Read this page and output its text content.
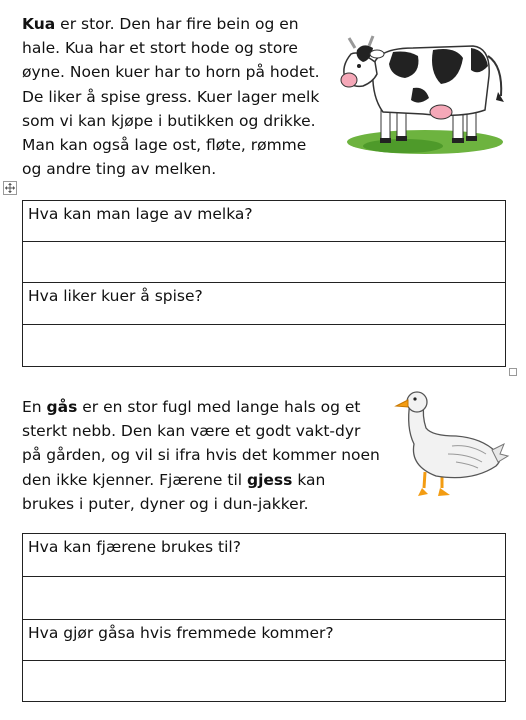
Kua er stor. Den har fire bein og en
hale. Kua har et stort hode og store
øyne. Noen kuer har to horn på hodet.
De liker å spise gress. Kuer lager melk
som vi kan kjøpe i butikken og drikke.
Man kan også lage ost, fløte, rømme
og andre ting av melken.

Hva kan man lage av melka?

Hva liker kuer å spise?

En gås er en stor fugl med lange hals og et
sterkt nebb. Den kan være et godt vakt-dyr
på gården, og vil si ifra hvis det kommer noen
den ikke kjenner. Fjærene til gjess kan
brukes i puter, dyner og i dun-jakker.

Hva kan fjærene brukes til?

Hva gjør gåsa hvis fremmede kommer?
